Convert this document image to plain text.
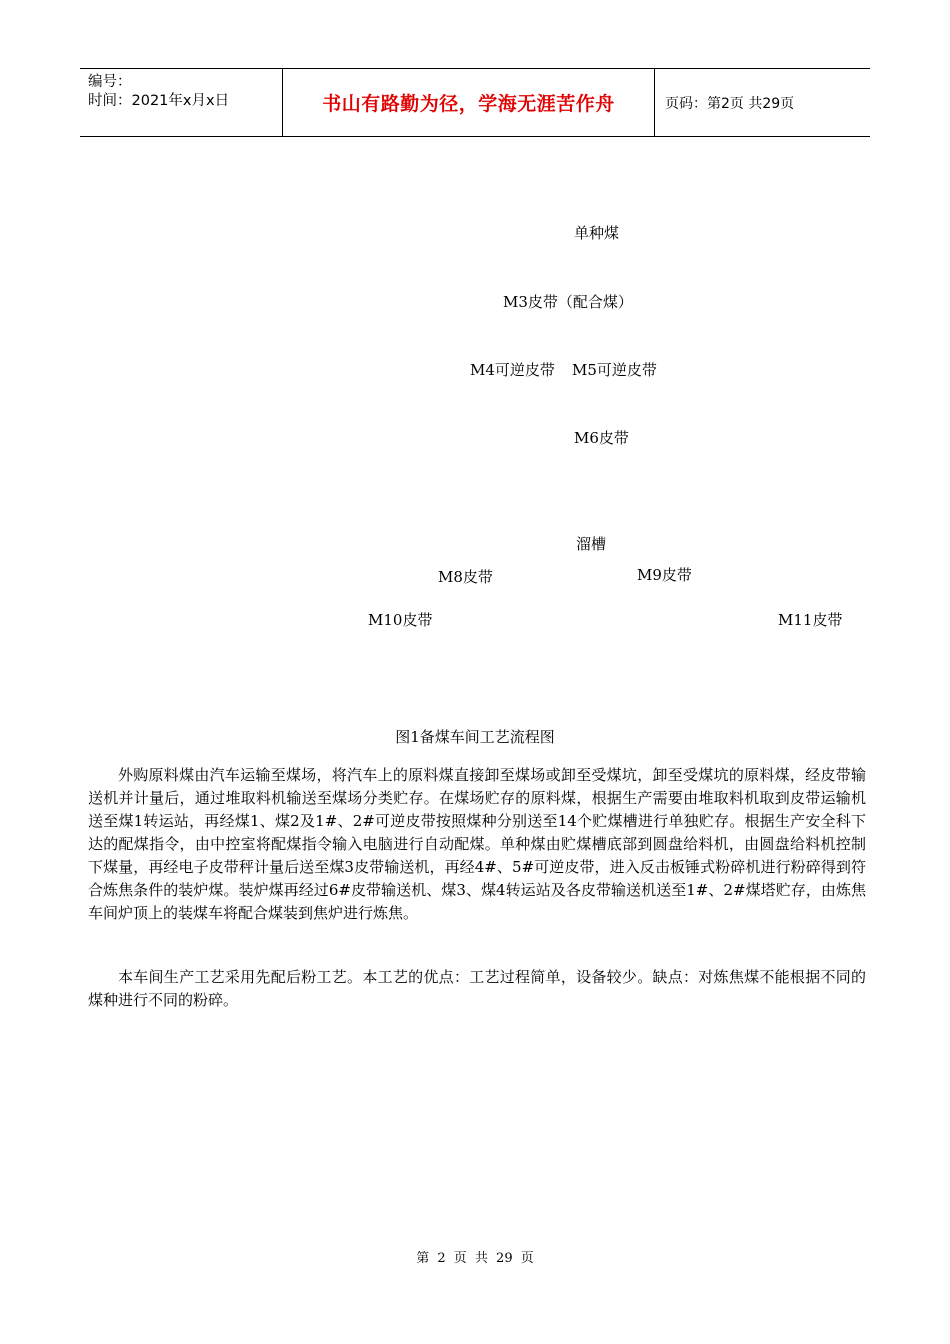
编号：
时间：2021年x月x日	书山有路勤为径，学海无涯苦作舟	页码：第2页 共29页
单种煤
M3皮带（配合煤）
M4可逆皮带 M5可逆皮带
M6皮带
溜槽
M8皮带	M9皮带
M10皮带	M11皮带
图1备煤车间工艺流程图
外购原料煤由汽车运输至煤场，将汽车上的原料煤直接卸至煤场或卸至受煤坑，卸至受煤坑的原料煤，经皮带输送机并计量后，通过堆取料机输送至煤场分类贮存。在煤场贮存的原料煤，根据生产需要由堆取料机取到皮带运输机送至煤1转运站，再经煤1、煤2及1#、2#可逆皮带按照煤种分别送至14个贮煤槽进行单独贮存。根据生产安全科下达的配煤指令，由中控室将配煤指令输入电脑进行自动配煤。单种煤由贮煤槽底部到圆盘给料机，由圆盘给料机控制下煤量，再经电子皮带秤计量后送至煤3皮带输送机，再经4#、5#可逆皮带，进入反击板锤式粉碎机进行粉碎得到符合炼焦条件的装炉煤。装炉煤再经过6#皮带输送机、煤3、煤4转运站及各皮带输送机送至1#、2#煤塔贮存，由炼焦车间炉顶上的装煤车将配合煤装到焦炉进行炼焦。
本车间生产工艺采用先配后粉工艺。本工艺的优点：工艺过程简单，设备较少。缺点：对炼焦煤不能根据不同的煤种进行不同的粉碎。
第 2 页 共 29 页
